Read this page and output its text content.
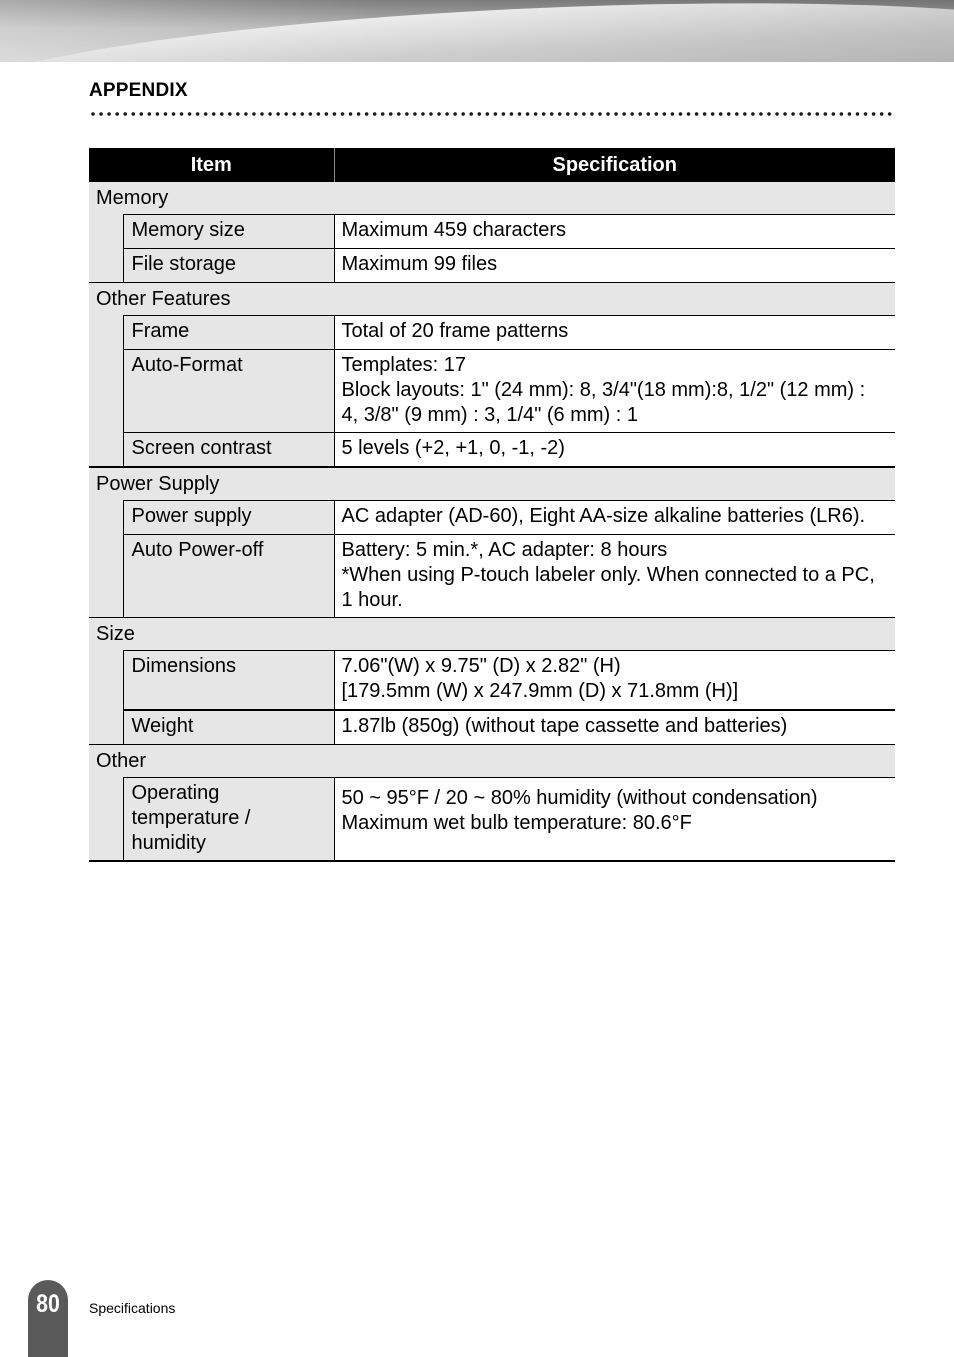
APPENDIX
Item		Specification
Memory		
	Memory size	Maximum 459 characters

	File storage	Maximum 99 files

Other Features		
	Frame	Total of 20 frame patterns

	Auto-Format	Templates: 17
Block layouts: 1" (24 mm): 8, 3/4"(18 mm):8, 1/2" (12 mm) : 4, 3/8" (9 mm) : 3, 1/4" (6 mm) : 1

	Screen contrast	5 levels (+2, +1, 0, -1, -2)

Power Supply		
	Power supply	AC adapter (AD-60), Eight AA-size alkaline batteries (LR6).

	Auto Power-off	Battery: 5 min.*, AC adapter: 8 hours
*When using P-touch labeler only. When connected to a PC, 1 hour.

Size		
	Dimensions	7.06"(W) x 9.75" (D) x 2.82" (H)
[179.5mm (W) x 247.9mm (D) x 71.8mm (H)]

	Weight	1.87lb (850g) (without tape cassette and batteries)

Other		
	Operating temperature / humidity	50 ~ 95°F / 20 ~ 80% humidity (without condensation)
Maximum wet bulb temperature: 80.6°F
80	Specifications
